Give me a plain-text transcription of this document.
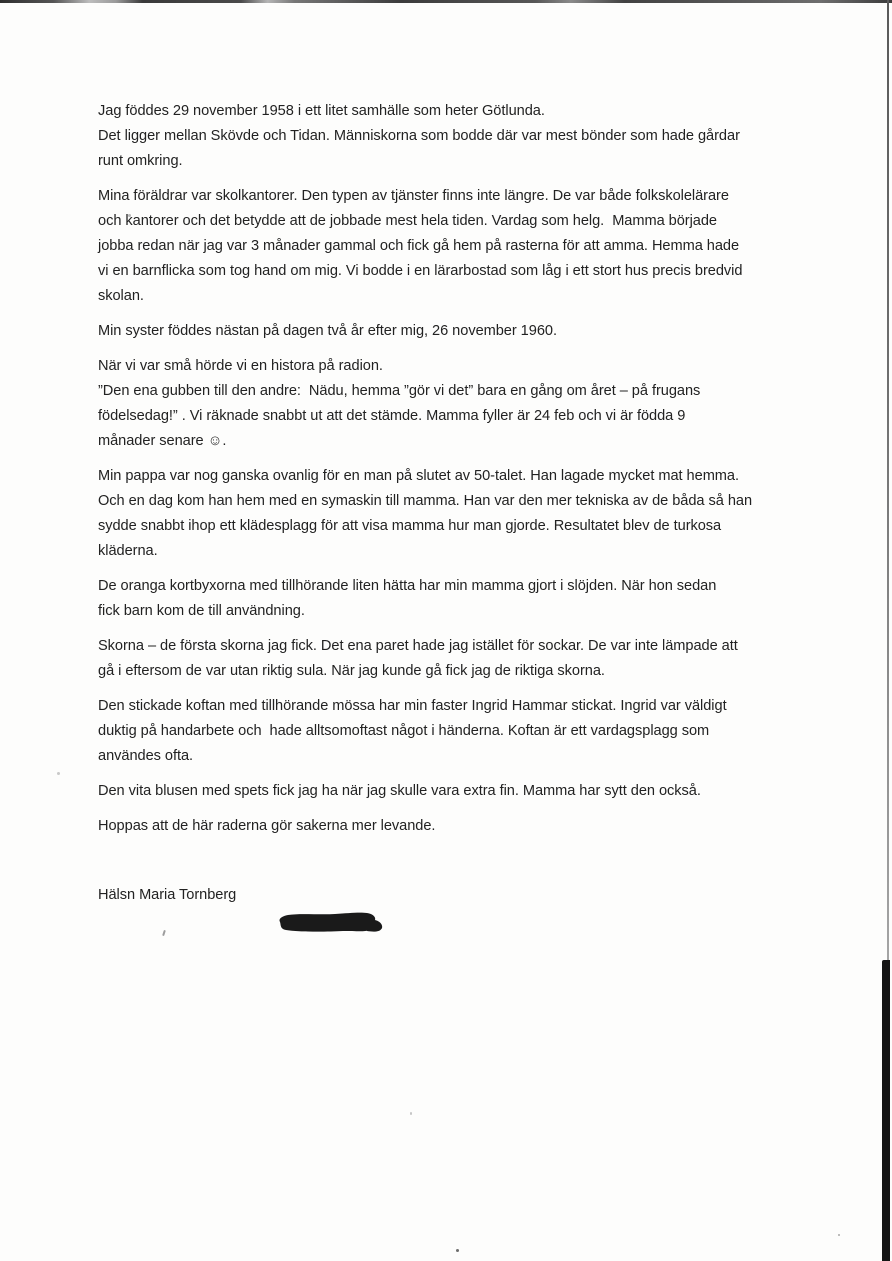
Jag föddes 29 november 1958 i ett litet samhälle som heter Götlunda.
Det ligger mellan Skövde och Tidan. Människorna som bodde där var mest bönder som hade gårdar
runt omkring.
Mina föräldrar var skolkantorer. Den typen av tjänster finns inte längre. De var både folkskolelärare
och kantorer och det betydde att de jobbade mest hela tiden. Vardag som helg.  Mamma började
jobba redan när jag var 3 månader gammal och fick gå hem på rasterna för att amma. Hemma hade
vi en barnflicka som tog hand om mig. Vi bodde i en lärarbostad som låg i ett stort hus precis bredvid
skolan.
Min syster föddes nästan på dagen två år efter mig, 26 november 1960.
När vi var små hörde vi en histora på radion.
”Den ena gubben till den andre:  Nädu, hemma ”gör vi det” bara en gång om året – på frugans
födelsedag!” . Vi räknade snabbt ut att det stämde. Mamma fyller är 24 feb och vi är födda 9
månader senare ☺.
Min pappa var nog ganska ovanlig för en man på slutet av 50-talet. Han lagade mycket mat hemma.
Och en dag kom han hem med en symaskin till mamma. Han var den mer tekniska av de båda så han
sydde snabbt ihop ett klädesplagg för att visa mamma hur man gjorde. Resultatet blev de turkosa
kläderna.
De oranga kortbyxorna med tillhörande liten hätta har min mamma gjort i slöjden. När hon sedan
fick barn kom de till användning.
Skorna – de första skorna jag fick. Det ena paret hade jag istället för sockar. De var inte lämpade att
gå i eftersom de var utan riktig sula. När jag kunde gå fick jag de riktiga skorna.
Den stickade koftan med tillhörande mössa har min faster Ingrid Hammar stickat. Ingrid var väldigt
duktig på handarbete och  hade alltsomoftast något i händerna. Koftan är ett vardagsplagg som
användes ofta.
Den vita blusen med spets fick jag ha när jag skulle vara extra fin. Mamma har sytt den också.
Hoppas att de här raderna gör sakerna mer levande.
Hälsn Maria Tornberg
